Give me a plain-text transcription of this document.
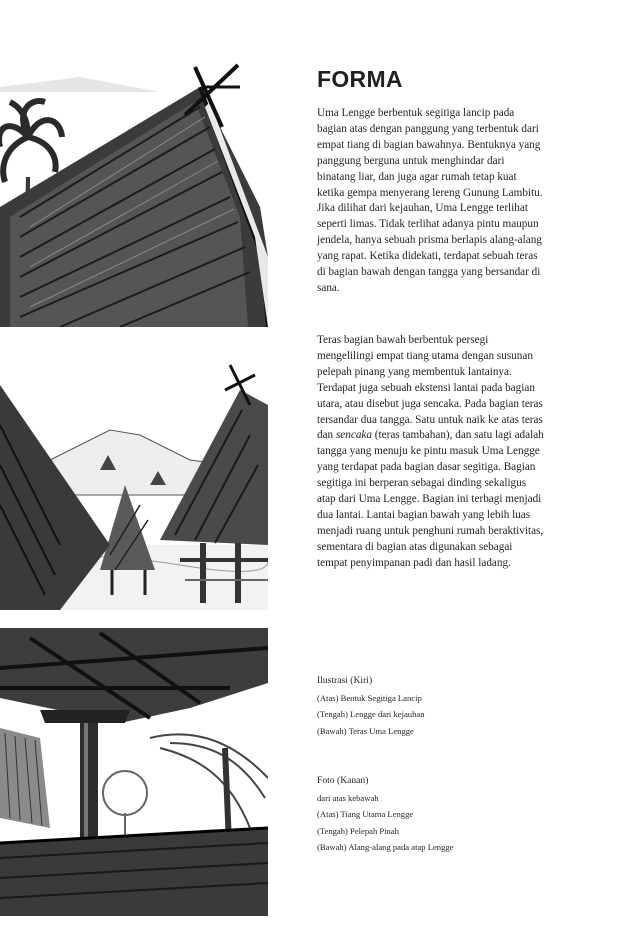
FORMA

Uma Lengge berbentuk segitiga lancip pada bagian atas dengan panggung yang terbentuk dari empat tiang di bagian bawahnya. Bentuknya yang panggung berguna untuk menghindar dari binatang liar, dan juga agar rumah tetap kuat ketika gempa menyerang lereng Gunung Lambitu. Jika dilihat dari kejauhan, Uma Lengge terlihat seperti limas. Tidak terlihat adanya pintu maupun jendela, hanya sebuah prisma berlapis alang-alang yang rapat. Ketika didekati, terdapat sebuah teras di bagian bawah dengan tangga yang bersandar di sana.

Teras bagian bawah berbentuk persegi mengelilingi empat tiang utama dengan susunan pelepah pinang yang membentuk lantainya. Terdapat juga sebuah ekstensi lantai pada bagian utara, atau disebut juga sencaka. Pada bagian teras tersandar dua tangga. Satu untuk naik ke atas teras dan sencaka (teras tambahan), dan satu lagi adalah tangga yang menuju ke pintu masuk Uma Lengge yang terdapat pada bagian dasar segitiga. Bagian segitiga ini berperan sebagai dinding sekaligus atap dari Uma Lengge. Bagian ini terbagi menjadi dua lantai. Lantai bagian bawah yang lebih luas menjadi ruang untuk penghuni rumah beraktivitas, sementara di bagian atas digunakan sebagai tempat penyimpanan padi dan hasil ladang.

Ilustrasi (Kiri)
(Atas) Bentuk Segitiga Lancip
(Tengah) Lengge dari kejauhan
(Bawah) Teras Uma Lengge
Foto (Kanan)
dari atas kebawah
(Atas) Tiang Utama Lengge
(Tengah) Pelepah Pinah
(Bawah) Alang-alang pada atap Lengge
